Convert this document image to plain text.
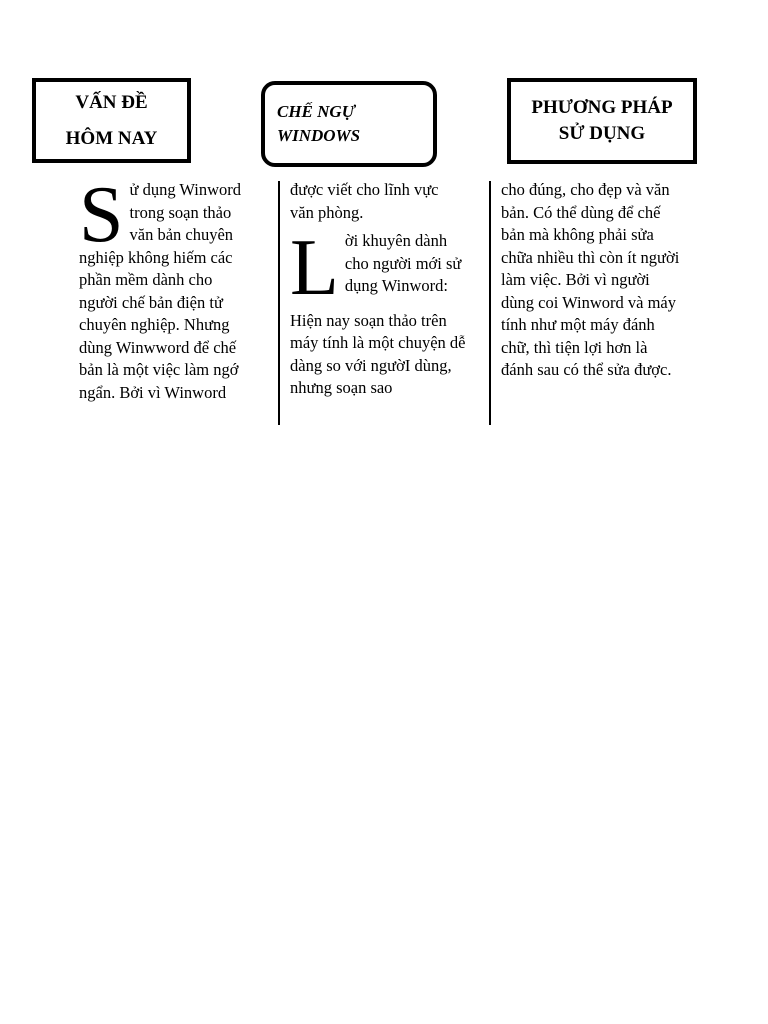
VẤN ĐỀ
HÔM NAY
CHẾ NGỰ
WINDOWS
PHƯƠNG PHÁP
SỬ DỤNG

S ử dụng Winword trong soạn thảo văn bản chuyên nghiệp không hiếm các phần mềm dành cho người chế bản điện tử chuyên nghiệp. Nhưng dùng Winwword để chế bản là một việc làm ngớ ngẩn. Bởi vì Winword

được viết cho lĩnh vực văn phòng.

L ời khuyên dành cho người mới sử dụng Winword:

Hiện nay soạn thảo trên máy tính là một chuyện dễ dàng so với ngườI dùng, nhưng soạn sao

cho đúng, cho đẹp và văn bản. Có thể dùng để chế bản mà không phải sửa chữa nhiều thì còn ít người làm việc. Bởi vì người dùng coi Winword và máy tính như một máy đánh chữ, thì tiện lợi hơn là đánh sau có thể sửa được.
